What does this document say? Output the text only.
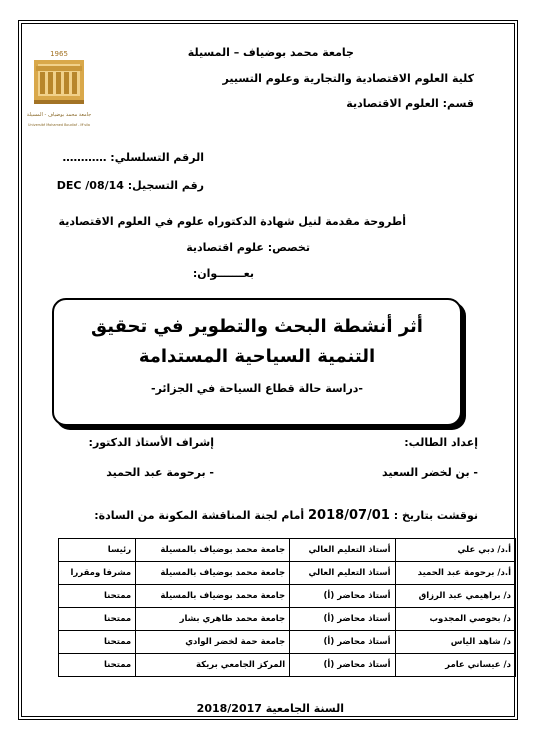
1965
جامعة محمد بوضياف - المسيلة
Université Mohamed Boudiaf - M'sila
جامعة محمد بوضياف – المسيلة
كلية العلوم الاقتصادية والتجارية وعلوم التسيير
قسم: العلوم الاقتصادية
الرقم التسلسلي: …………
رقم التسجيل: DEC /08/14
أطروحة مقدمة لنيل شهادة الدكتوراه علوم في العلوم الاقتصادية
تخصص: علوم اقتصادية
بعـــــــوان:
أثر أنشطة البحث والتطوير في تحقيق
التنمية السياحية المستدامة
-دراسة حالة قطاع السياحة في الجزائر-
إعداد الطالب:
إشراف الأستاذ الدكتور:
- بن لخضر السعيد
- برحومة عبد الحميد
نوقشت بتاريخ : 2018/07/01 أمام لجنة المناقشة المكونة من السادة:
أ.د/ دبي علي	أستاذ التعليم العالي	جامعة محمد بوضياف بالمسيلة	رئيسا
أ.د/ برحومة عبد الحميد	أستاذ التعليم العالي	جامعة محمد بوضياف بالمسيلة	مشرفا ومقررا
د/ براهيمي عبد الرزاق	أستاذ محاضر (أ)	جامعة محمد بوضياف بالمسيلة	ممتحنا
د/ بحوصي المجدوب	أستاذ محاضر (أ)	جامعة محمد طاهري بشار	ممتحنا
د/ شاهد الياس	أستاذ محاضر (أ)	جامعة حمة لخضر الوادي	ممتحنا
د/ عيساني عامر	أستاذ محاضر (أ)	المركز الجامعي بريكة	ممتحنا
السنة الجامعية 2018/2017
